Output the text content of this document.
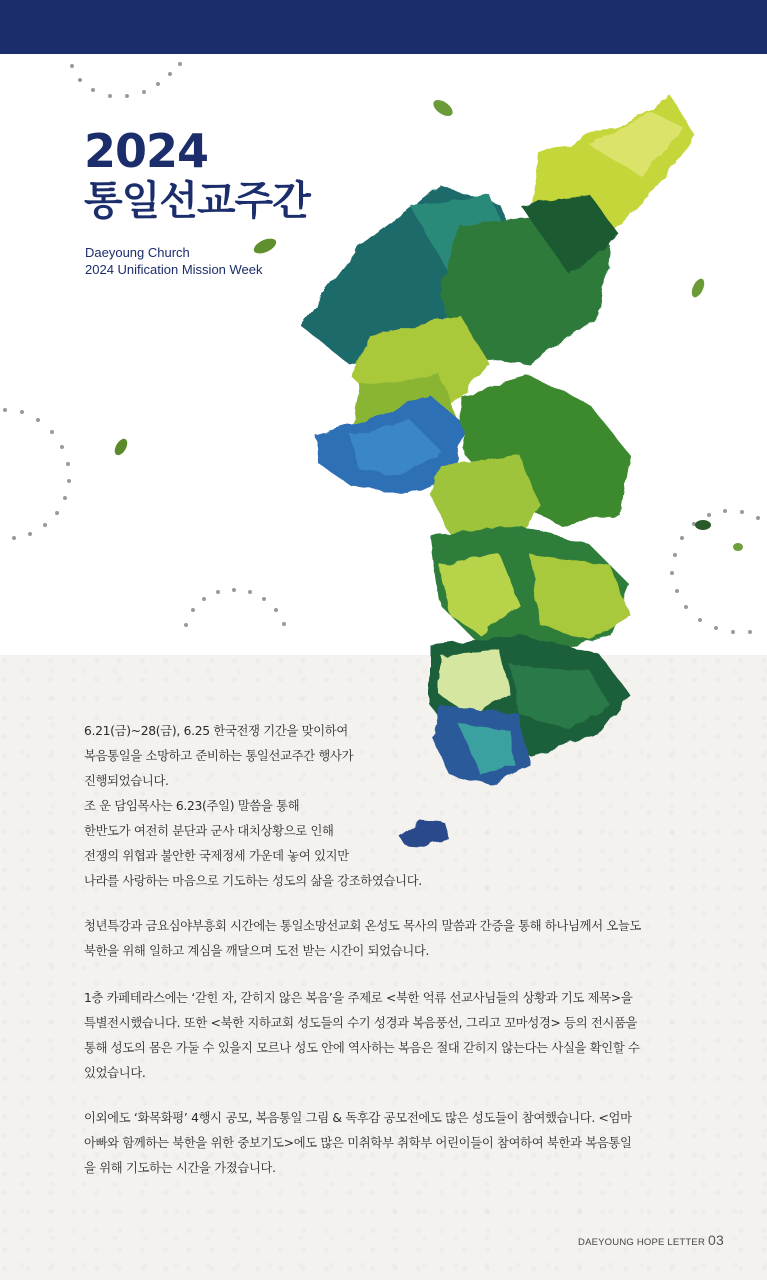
2024
통일선교주간
Daeyoung Church
2024 Unification Mission Week
6.21(금)~28(금), 6.25 한국전쟁 기간을 맞이하여
복음통일을 소망하고 준비하는 통일선교주간 행사가
진행되었습니다.
조 운 담임목사는 6.23(주일) 말씀을 통해
한반도가 여전히 분단과 군사 대치상황으로 인해
전쟁의 위협과 불안한 국제정세 가운데 놓여 있지만
나라를 사랑하는 마음으로 기도하는 성도의 삶을 강조하였습니다.
청년특강과 금요심야부흥회 시간에는 통일소망선교회 온성도 목사의 말씀과 간증을 통해 하나님께서 오늘도
북한을 위해 일하고 계심을 깨달으며 도전 받는 시간이 되었습니다.
1층 카페테라스에는 ‘갇힌 자, 갇히지 않은 복음’을 주제로 <북한 억류 선교사님들의 상황과 기도 제목>을
특별전시했습니다. 또한 <북한 지하교회 성도들의 수기 성경과 복음풍선, 그리고 꼬마성경> 등의 전시품을
통해 성도의 몸은 가둘 수 있을지 모르나 성도 안에 역사하는 복음은 절대 갇히지 않는다는 사실을 확인할 수
있었습니다.
이외에도 ‘화목화평’ 4행시 공모, 복음통일 그림 & 독후감 공모전에도 많은 성도들이 참여했습니다. <엄마
아빠와 함께하는 북한을 위한 중보기도>에도 많은 미취학부 취학부 어린이들이 참여하여 북한과 복음통일
을 위해 기도하는 시간을 가졌습니다.
DAEYOUNG HOPE LETTER 03
